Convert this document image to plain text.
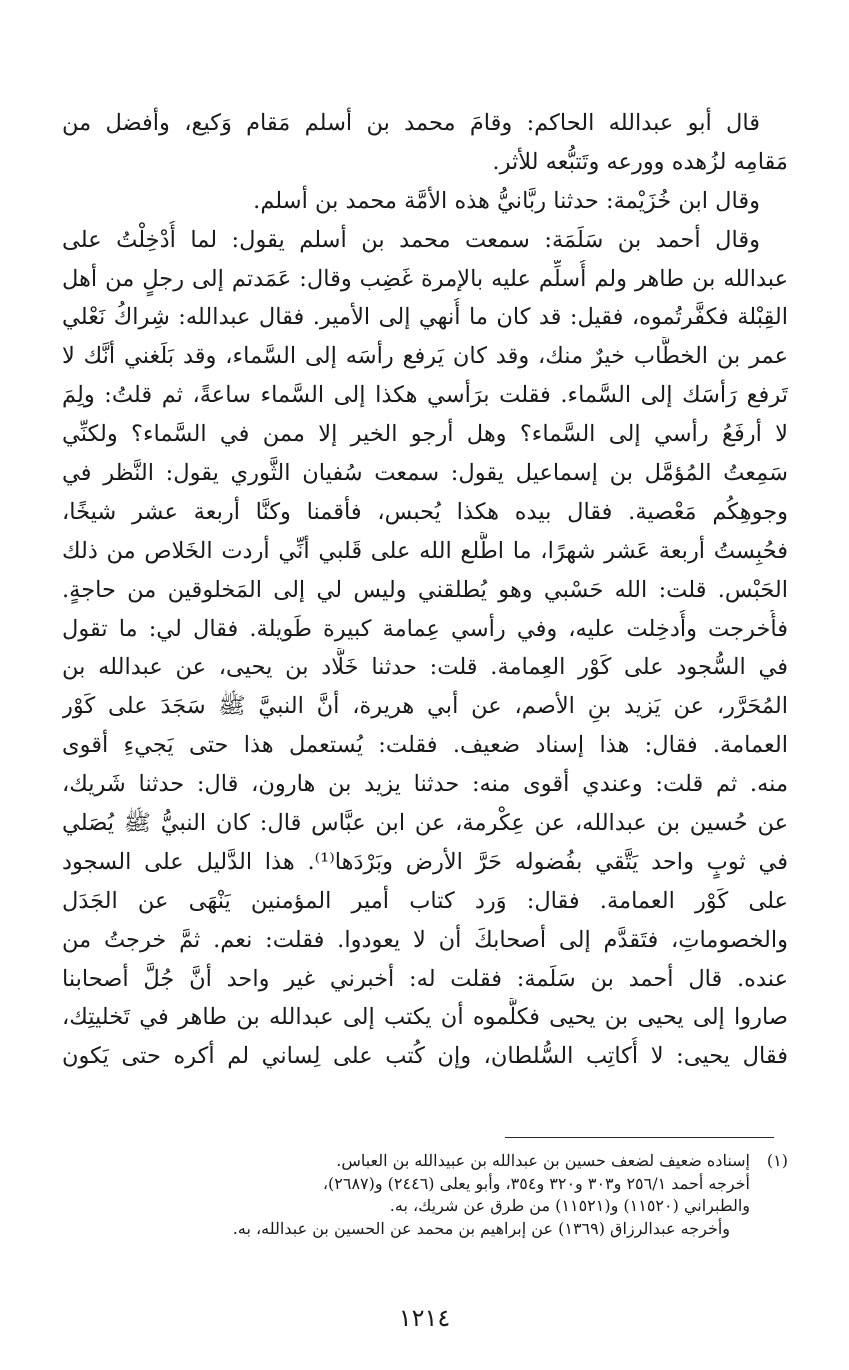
قال أبو عبدالله الحاكم: وقامَ محمد بن أسلم مَقام وَكيع، وأفضل من
مَقامِه لزُهده وورعه وتَتبُّعه للأثر.
وقال ابن خُزَيْمة: حدثنا ربَّانيُّ هذه الأمَّة محمد بن أسلم.
وقال أحمد بن سَلَمَة: سمعت محمد بن أسلم يقول: لما أُدْخِلْتُ على
عبدالله بن طاهر ولم أُسلِّم عليه بالإمرة غَضِب وقال: عَمَدتم إلى رجلٍ من أهل
القِبْلة فكفَّرتُموه، فقيل: قد كان ما أُنهي إلى الأمير. فقال عبدالله: شِراكُ نَعْلي
عمر بن الخطَّاب خيرٌ منك، وقد كان يَرفع رأسَه إلى السَّماء، وقد بَلَغني أنَّك لا
تَرفع رَأسَك إلى السَّماء. فقلت برَأسي هكذا إلى السَّماء ساعةً، ثم قلتُ: ولِمَ
لا أرفَعُ رأسي إلى السَّماء؟ وهل أرجو الخير إلا ممن في السَّماء؟ ولكنِّي
سَمِعتُ المُؤمَّل بن إسماعيل يقول: سمعت سُفيان الثَّوري يقول: النَّظر في
وجوهِكُم مَعْصية. فقال بيده هكذا يُحبس، فأقمنا وكنَّا أربعة عشر شيخًا،
فحُبِستُ أربعة عَشر شهرًا، ما اطَّلع الله على قَلبي أنِّي أردت الخَلاص من ذلك
الحَبْس. قلت: الله حَسْبي وهو يُطلقني وليس لي إلى المَخلوقين من حاجةٍ.
فأُخرجت وأُدخِلت عليه، وفي رأسي عِمامة كبيرة طَويلة. فقال لي: ما تقول
في السُّجود على كَوْر العِمامة. قلت: حدثنا خَلَّاد بن يحيى، عن عبدالله بن
المُحَرَّر، عن يَزيد بنِ الأصم، عن أبي هريرة، أنَّ النبيَّ ﷺ سَجَدَ على كَوْر
العمامة. فقال: هذا إسناد ضعيف. فقلت: يُستعمل هذا حتى يَجيءِ أقوى
منه. ثم قلت: وعندي أقوى منه: حدثنا يزيد بن هارون، قال: حدثنا شَريك،
عن حُسين بن عبدالله، عن عِكْرمة، عن ابن عبَّاس قال: كان النبيُّ ﷺ يُصَلي
في ثوبٍ واحد يَتَّقي بفُضوله حَرَّ الأرض وبَرْدَها⁽¹⁾. هذا الدَّليل على السجود
على كَوْر العمامة. فقال: وَرد كتاب أمير المؤمنين يَنْهَى عن الجَدَل
والخصوماتِ، فتَقدَّم إلى أصحابكَ أن لا يعودوا. فقلت: نعم. ثمَّ خرجتُ من
عنده. قال أحمد بن سَلَمة: فقلت له: أخبرني غير واحد أنَّ جُلَّ أصحابنا
صاروا إلى يحيى بن يحيى فكلَّموه أن يكتب إلى عبدالله بن طاهر في تَخليتِك،
فقال يحيى: لا أُكاتِب السُّلطان، وإن كُتب على لِساني لم أكره حتى يَكون
(١)إسناده ضعيف لضعف حسين بن عبدالله بن عبيدالله بن العباس.
أخرجه أحمد ٢٥٦/١ و٣٠٣ و٣٢٠ و٣٥٤، وأبو يعلى (٢٤٤٦) و(٢٦٨٧)،
والطبراني (١١٥٢٠) و(١١٥٢١) من طرق عن شريك، به.
وأخرجه عبدالرزاق (١٣٦٩) عن إبراهيم بن محمد عن الحسين بن عبدالله، به.
١٢١٤
